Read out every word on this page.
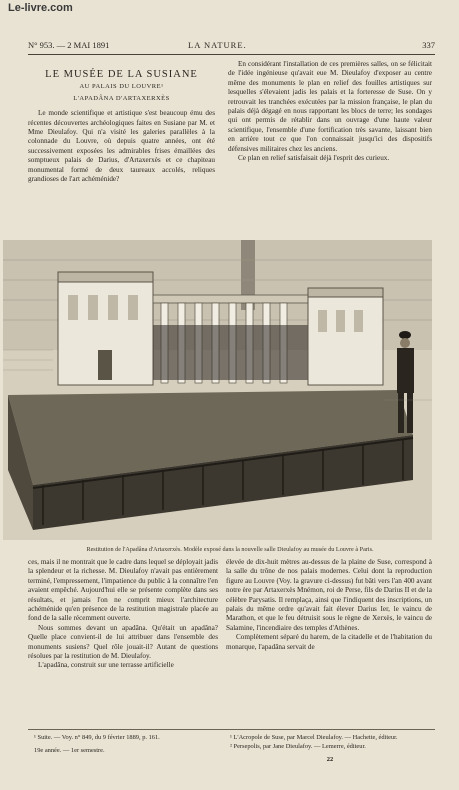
Le-livre.com
N° 953. — 2 MAI 1891	LA NATURE.	337
LE MUSÉE DE LA SUSIANE
AU PALAIS DU LOUVRE¹
L'APADÂNA D'ARTAXERXÈS

Le monde scientifique et artistique s'est beaucoup ému des récentes découvertes archéologiques faites en Susiane par M. et Mme Dieulafoy. Qui n'a visité les galeries parallèles à la colonnade du Louvre, où depuis quatre années, ont été successivement exposées les admirables frises émaillées des somptueux palais de Darius, d'Artaxerxès et ce chapiteau monumental formé de deux taureaux accolés, reliques grandioses de l'art achéménide?

En considérant l'installation de ces premières salles, on se félicitait de l'idée ingénieuse qu'avait eue M. Dieulafoy d'exposer au centre même des monuments le plan en relief des fouilles artistiques sur lesquelles s'élevaient jadis les palais et la forteresse de Suse. On y retrouvait les tranchées exécutées par la mission française, le plan du palais déjà dégagé en nous rapportant les blocs de terre; les sondages qui ont permis de rétablir dans un ouvrage d'une haute valeur scientifique, l'ensemble d'une fortification très savante, laissant bien en arrière tout ce que l'on connaissait jusqu'ici des dispositifs défensives militaires chez les anciens.

Ce plan en relief satisfaisait déjà l'esprit des curieux.

Restitution de l'Apadâna d'Artaxerxès. Modèle exposé dans la nouvelle salle Dieulafoy au musée du Louvre à Paris.

ces, mais il ne montrait que le cadre dans lequel se déployait jadis la splendeur et la richesse. M. Dieulafoy n'avait pas entièrement terminé, l'empressement, l'impatience du public à la connaître l'en avaient empêché. Aujourd'hui elle se présente complète dans ses résultats, et jamais l'on ne comprit mieux l'architecture achéménide qu'en présence de la restitution magistrale placée au fond de la salle récemment ouverte.

Nous sommes devant un apadâna. Qu'était un apadâna? Quelle place convient-il de lui attribuer dans l'ensemble des monuments susiens? Quel rôle jouait-il? Autant de questions résolues par la restitution de M. Dieulafoy.

L'apadâna, construit sur une terrasse artificielle

élevée de dix-huit mètres au-dessus de la plaine de Suse, correspond à la salle du trône de nos palais modernes. Celui dont la reproduction figure au Louvre (Voy. la gravure ci-dessus) fut bâti vers l'an 400 avant notre ère par Artaxerxès Mnémon, roi de Perse, fils de Darius II et de la célèbre Parysatis. Il remplaça, ainsi que l'indiquent des inscriptions, un palais du même ordre qu'avait fait élever Darius Ier, le vaincu de Marathon, et que le feu détruisit sous le règne de Xerxès, le vaincu de Salamine, l'incendiaire des temples d'Athènes.

Complètement séparé du harem, de la citadelle et de l'habitation du monarque, l'apadâna servait de

¹ Suite. — Voy. n° 849, du 9 février 1889, p. 161.
19e année. — 1er semestre.
¹ L'Acropole de Suse, par Marcel Dieulafoy. — Hachette, éditeur.
² Persepolis, par Jane Dieulafoy. — Lemerre, éditeur.
22
